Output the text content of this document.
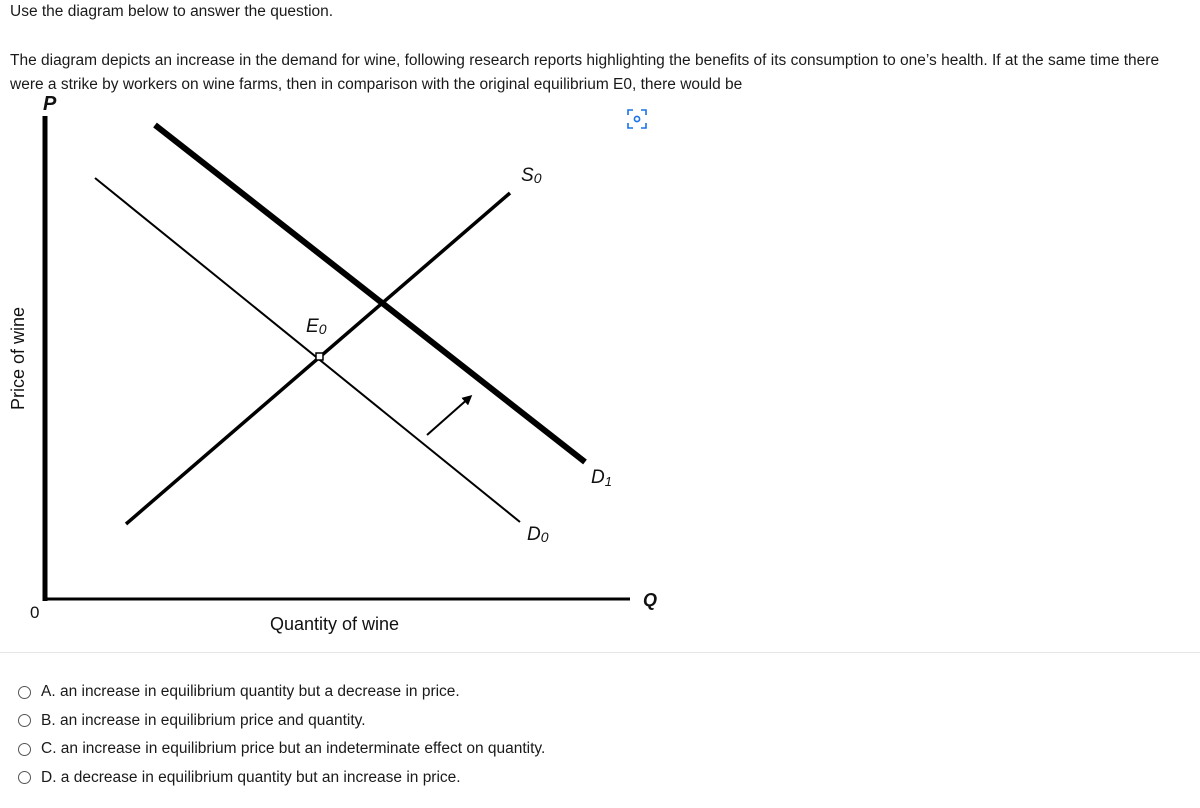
Use the diagram below to answer the question.
The diagram depicts an increase in the demand for wine, following research reports highlighting the benefits of its consumption to one’s health. If at the same time there were a strike by workers on wine farms, then in comparison with the original equilibrium E0, there would be
P
Q
0
Quantity of wine
Price of wine
S0
E0
D1
D0
A. an increase in equilibrium quantity but a decrease in price.
B. an increase in equilibrium price and quantity.
C. an increase in equilibrium price but an indeterminate effect on quantity.
D. a decrease in equilibrium quantity but an increase in price.
